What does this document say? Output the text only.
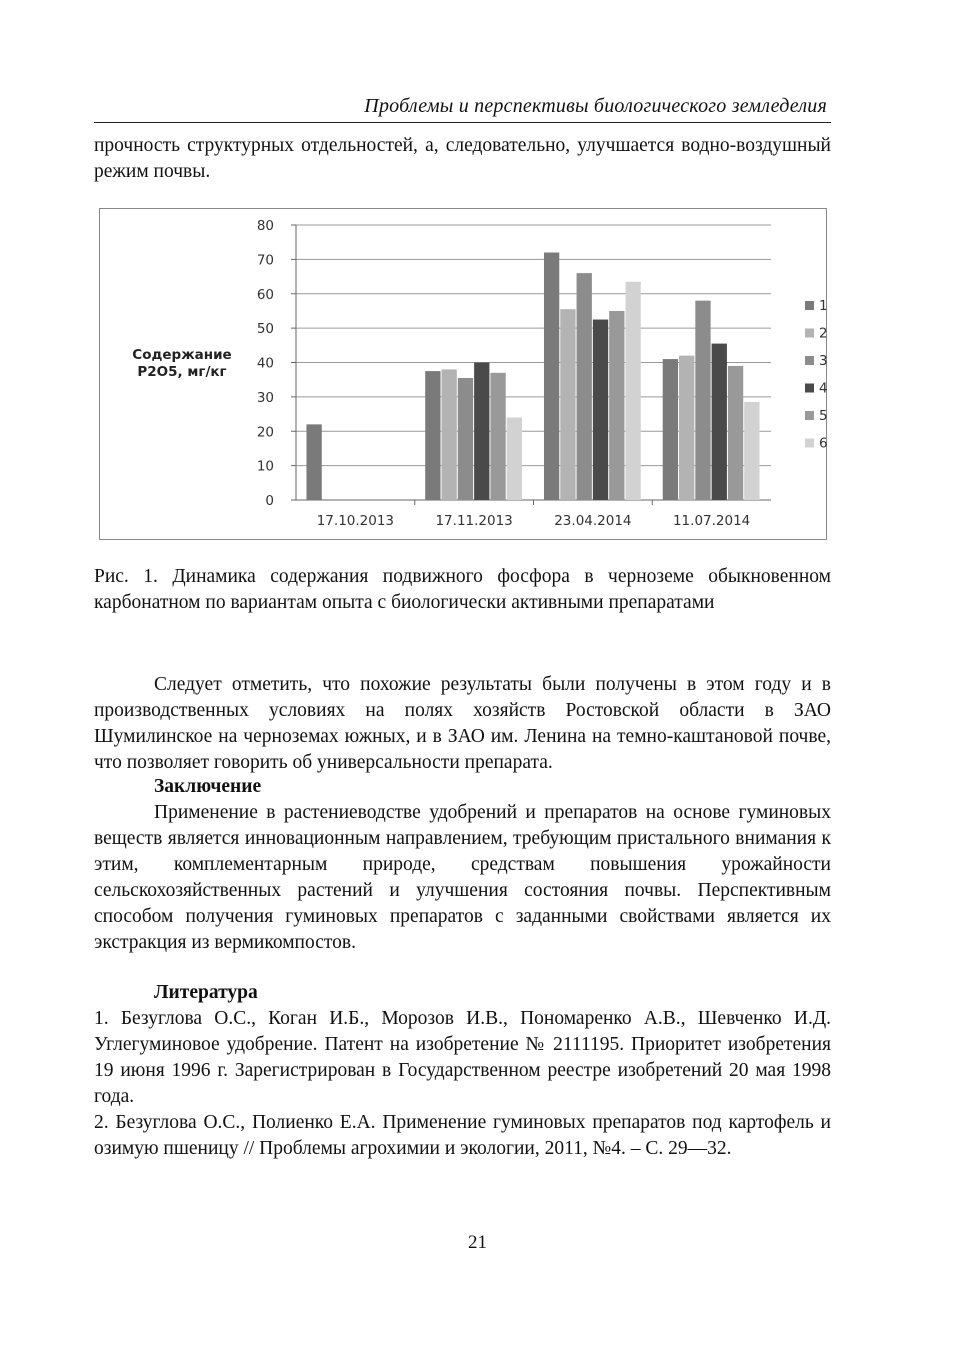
Проблемы и перспективы биологического земледелия
прочность структурных отдельностей, а, следовательно, улучшается водно-воздушный режим почвы.
Содержание Р2О5, мг/кг
0
10
20
30
40
50
60
70
80
17.10.2013	17.11.2013	23.04.2014	11.07.2014
1
2
3
4
5
6
Рис. 1. Динамика содержания подвижного фосфора в черноземе обыкновенном карбонатном по вариантам опыта с биологически активными препаратами
Следует отметить, что похожие результаты были получены в этом году и в производственных условиях на полях хозяйств Ростовской области в ЗАО Шумилинское на черноземах южных, и в ЗАО им. Ленина на темно-каштановой почве, что позволяет говорить об универсальности препарата.
Заключение
Применение в растениеводстве удобрений и препаратов на основе гуминовых веществ является инновационным направлением, требующим пристального внимания к этим, комплементарным природе, средствам повышения урожайности сельскохозяйственных растений и улучшения состояния почвы. Перспективным способом получения гуминовых препаратов с заданными свойствами является их экстракция из вермикомпостов.
Литература
1. Безуглова О.С., Коган И.Б., Морозов И.В., Пономаренко А.В., Шевченко И.Д. Углегуминовое удобрение. Патент на изобретение № 2111195. Приоритет изобретения 19 июня 1996 г. Зарегистрирован в Государственном реестре изобретений 20 мая 1998 года.
2. Безуглова О.С., Полиенко Е.А. Применение гуминовых препаратов под картофель и озимую пшеницу // Проблемы агрохимии и экологии, 2011, №4. – С. 29—32.
21
